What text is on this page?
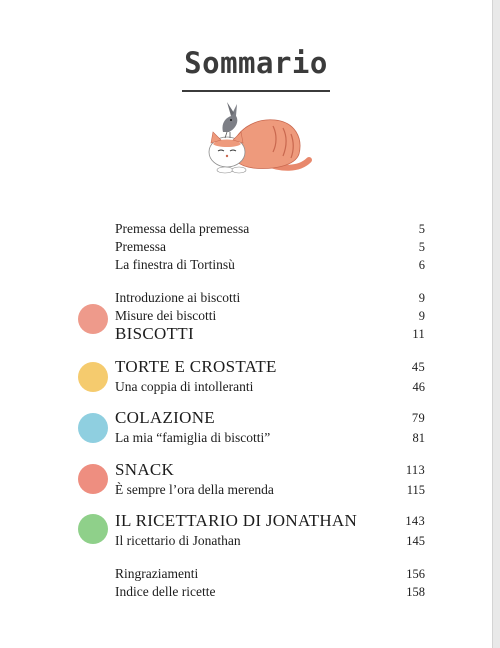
Sommario
Premessa della premessa	5
Premessa	5
La finestra di Tortinsù	6
Introduzione ai biscotti	9
Misure dei biscotti	9
BISCOTTI	11
TORTE E CROSTATE	45
Una coppia di intolleranti	46
COLAZIONE	79
La mia “famiglia di biscotti”	81
SNACK	113
È sempre l’ora della merenda	115
IL RICETTARIO DI JONATHAN	143
Il ricettario di Jonathan	145
Ringraziamenti	156
Indice delle ricette	158
